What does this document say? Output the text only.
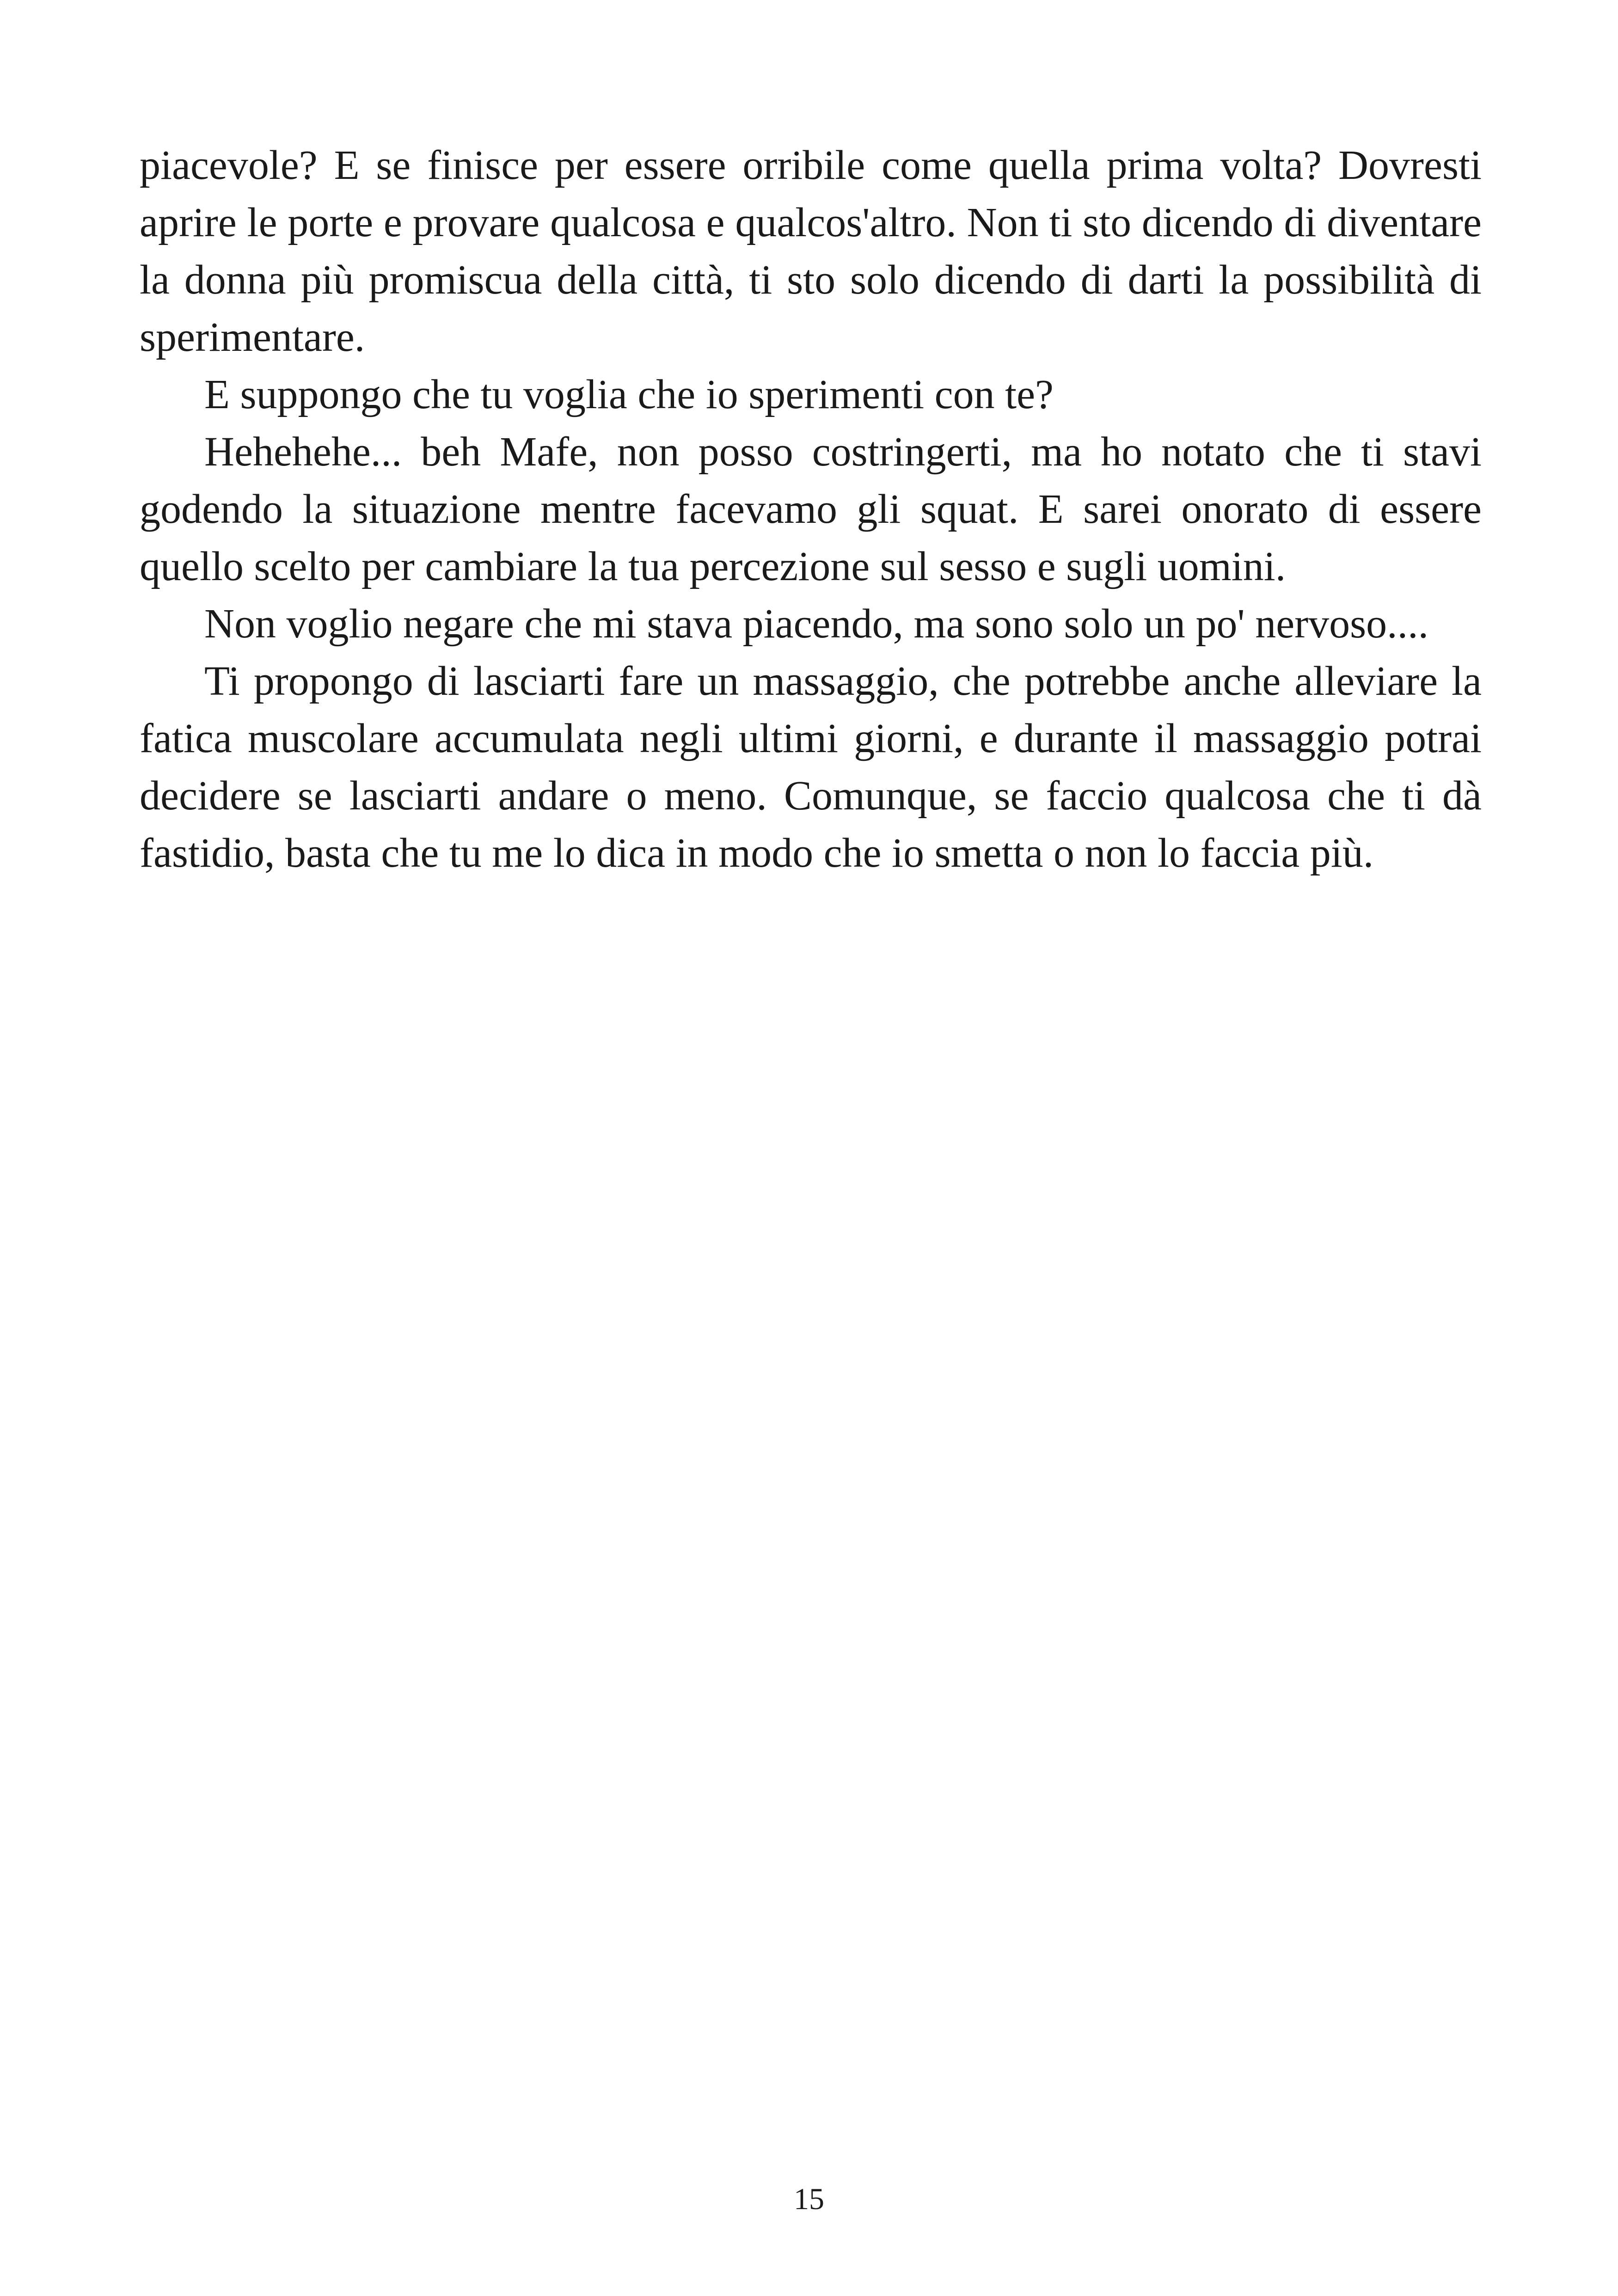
piacevole? E se finisce per essere orribile come quella prima volta? Dovresti aprire le porte e provare qualcosa e qualcos'altro. Non ti sto dicendo di diventare la donna più promiscua della città, ti sto solo dicendo di darti la possibilità di sperimentare.

E suppongo che tu voglia che io sperimenti con te?

Hehehehe... beh Mafe, non posso costringerti, ma ho notato che ti stavi godendo la situazione mentre facevamo gli squat. E sarei onorato di essere quello scelto per cambiare la tua percezione sul sesso e sugli uomini.

Non voglio negare che mi stava piacendo, ma sono solo un po' nervoso....

Ti propongo di lasciarti fare un massaggio, che potrebbe anche alleviare la fatica muscolare accumulata negli ultimi giorni, e durante il massaggio potrai decidere se lasciarti andare o meno. Comunque, se faccio qualcosa che ti dà fastidio, basta che tu me lo dica in modo che io smetta o non lo faccia più.

15
